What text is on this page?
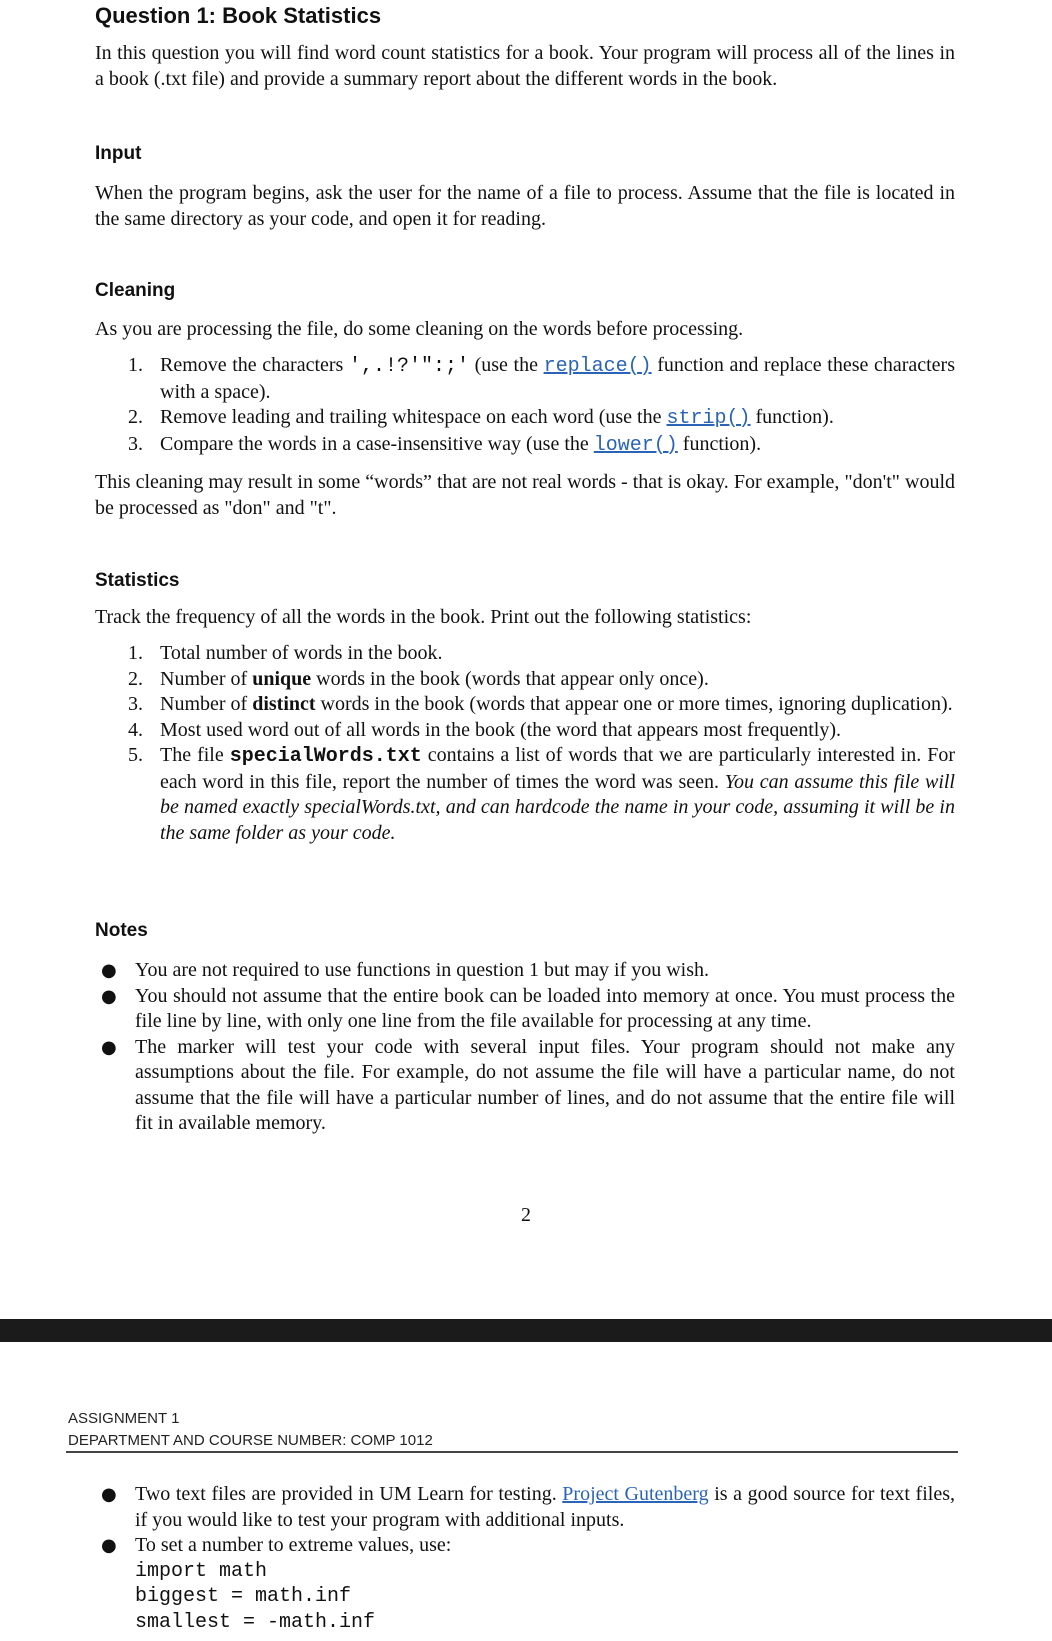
Question 1: Book Statistics

In this question you will find word count statistics for a book. Your program will process all of the lines in a book (.txt file) and provide a summary report about the different words in the book.

Input

When the program begins, ask the user for the name of a file to process. Assume that the file is located in the same directory as your code, and open it for reading.

Cleaning

As you are processing the file, do some cleaning on the words before processing.

1. Remove the characters ',.!?'":;' (use the replace() function and replace these characters with a space).
2. Remove leading and trailing whitespace on each word (use the strip() function).
3. Compare the words in a case-insensitive way (use the lower() function).

This cleaning may result in some “words” that are not real words - that is okay. For example, "don't" would be processed as "don" and "t".

Statistics

Track the frequency of all the words in the book. Print out the following statistics:

1. Total number of words in the book.
2. Number of unique words in the book (words that appear only once).
3. Number of distinct words in the book (words that appear one or more times, ignoring duplication).
4. Most used word out of all words in the book (the word that appears most frequently).
5. The file specialWords.txt contains a list of words that we are particularly interested in. For each word in this file, report the number of times the word was seen. You can assume this file will be named exactly specialWords.txt, and can hardcode the name in your code, assuming it will be in the same folder as your code.
Notes
● You are not required to use functions in question 1 but may if you wish.
● You should not assume that the entire book can be loaded into memory at once. You must process the file line by line, with only one line from the file available for processing at any time.
● The marker will test your code with several input files. Your program should not make any assumptions about the file. For example, do not assume the file will have a particular name, do not assume that the file will have a particular number of lines, and do not assume that the entire file will fit in available memory.
2
ASSIGNMENT 1
DEPARTMENT AND COURSE NUMBER: COMP 1012
● Two text files are provided in UM Learn for testing. Project Gutenberg is a good source for text files, if you would like to test your program with additional inputs.
● To set a number to extreme values, use:
import math
biggest = math.inf
smallest = -math.inf
